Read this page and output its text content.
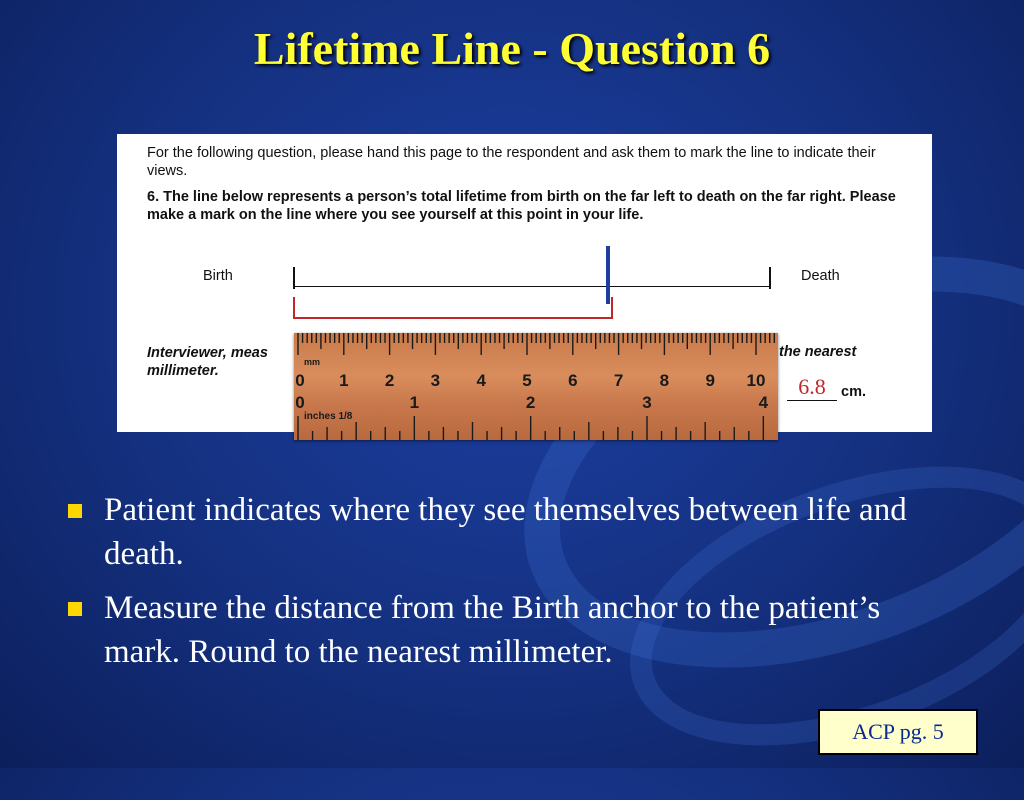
Lifetime Line - Question 6

For the following question, please hand this page to the respondent and ask them to mark the line to indicate their views.

6. The line below represents a person’s total lifetime from birth on the far left to death on the far right. Please make a mark on the line where you see yourself at this point in your life.

Birth	Death
Interviewer, meas
millimeter.
the nearest
6.8	cm.
0 1 2 3 4 5 6 7 8 9 10
mm
0	1	2	3	4
inches 1/8
Patient indicates where they see themselves between life and death.
Measure the distance from the Birth anchor to the patient’s mark. Round to the nearest millimeter.
ACP pg. 5
